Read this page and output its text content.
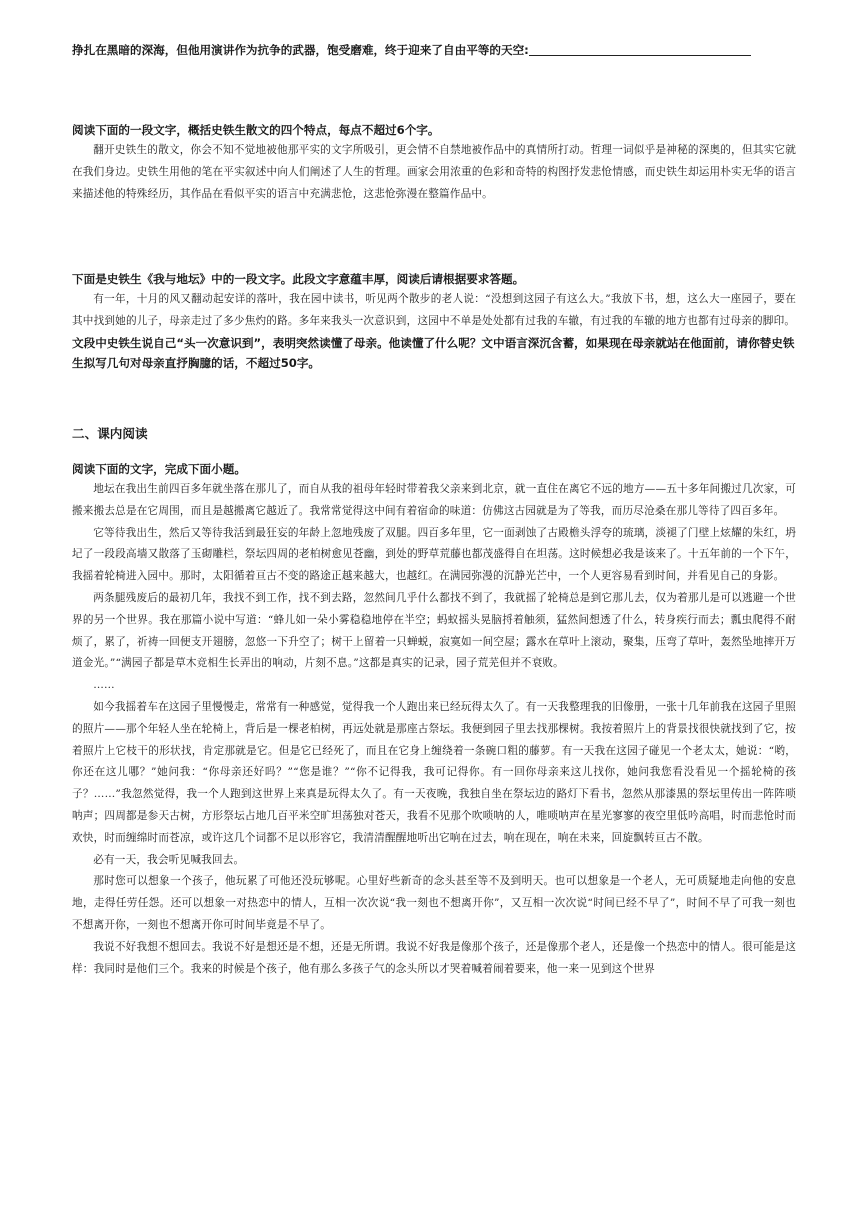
挣扎在黑暗的深海，但他用演讲作为抗争的武器，饱受磨难，终于迎来了自由平等的天空:

阅读下面的一段文字，概括史铁生散文的四个特点，每点不超过6个字。

翻开史铁生的散文，你会不知不觉地被他那平实的文字所吸引，更会情不自禁地被作品中的真情所打动。哲理一词似乎是神秘的深奥的，但其实它就在我们身边。史铁生用他的笔在平实叙述中向人们阐述了人生的哲理。画家会用浓重的色彩和奇特的构图抒发悲怆情感，而史铁生却运用朴实无华的语言来描述他的特殊经历，其作品在看似平实的语言中充满悲怆，这悲怆弥漫在整篇作品中。

下面是史铁生《我与地坛》中的一段文字。此段文字意蕴丰厚，阅读后请根据要求答题。

有一年，十月的风又翻动起安详的落叶，我在园中读书，听见两个散步的老人说：“没想到这园子有这么大。”我放下书，想，这么大一座园子，要在其中找到她的儿子，母亲走过了多少焦灼的路。多年来我头一次意识到，这园中不单是处处都有过我的车辙，有过我的车辙的地方也都有过母亲的脚印。

文段中史铁生说自己“头一次意识到”，表明突然读懂了母亲。他读懂了什么呢？文中语言深沉含蓄，如果现在母亲就站在他面前，请你替史铁生拟写几句对母亲直抒胸臆的话，不超过50字。

二、课内阅读

阅读下面的文字，完成下面小题。

地坛在我出生前四百多年就坐落在那儿了，而自从我的祖母年轻时带着我父亲来到北京，就一直住在离它不远的地方——五十多年间搬过几次家，可搬来搬去总是在它周围，而且是越搬离它越近了。我常常觉得这中间有着宿命的味道：仿佛这古园就是为了等我，而历尽沧桑在那儿等待了四百多年。

它等待我出生，然后又等待我活到最狂妄的年龄上忽地残废了双腿。四百多年里，它一面剥蚀了古殿檐头浮夸的琉璃，淡褪了门壁上炫耀的朱红，坍圮了一段段高墙又散落了玉砌雕栏，祭坛四周的老柏树愈见苍幽，到处的野草荒藤也都茂盛得自在坦荡。这时候想必我是该来了。十五年前的一个下午，我摇着轮椅进入园中。那时，太阳循着亘古不变的路途正越来越大，也越红。在满园弥漫的沉静光芒中，一个人更容易看到时间，并看见自己的身影。

两条腿残废后的最初几年，我找不到工作，找不到去路，忽然间几乎什么都找不到了，我就摇了轮椅总是到它那儿去，仅为着那儿是可以逃避一个世界的另一个世界。我在那篇小说中写道：“蜂儿如一朵小雾稳稳地停在半空；蚂蚁摇头晃脑捋着触须，猛然间想透了什么，转身疾行而去；瓢虫爬得不耐烦了，累了，祈祷一回便支开翅膀，忽悠一下升空了；树干上留着一只蝉蜕，寂寞如一间空屋；露水在草叶上滚动，聚集，压弯了草叶，轰然坠地摔开万道金光。”“满园子都是草木竞相生长弄出的响动，片刻不息。”这都是真实的记录，园子荒芜但并不衰败。

……

如今我摇着车在这园子里慢慢走，常常有一种感觉，觉得我一个人跑出来已经玩得太久了。有一天我整理我的旧像册，一张十几年前我在这园子里照的照片——那个年轻人坐在轮椅上，背后是一棵老柏树，再远处就是那座古祭坛。我便到园子里去找那棵树。我按着照片上的背景找很快就找到了它，按着照片上它枝干的形状找，肯定那就是它。但是它已经死了，而且在它身上缠绕着一条碗口粗的藤萝。有一天我在这园子碰见一个老太太，她说：“哟，你还在这儿哪？”她问我：“你母亲还好吗？”“您是谁？”“你不记得我，我可记得你。有一回你母亲来这儿找你，她问我您看没看见一个摇轮椅的孩子？……”我忽然觉得，我一个人跑到这世界上来真是玩得太久了。有一天夜晚，我独自坐在祭坛边的路灯下看书，忽然从那漆黑的祭坛里传出一阵阵唢呐声；四周都是参天古树，方形祭坛占地几百平米空旷坦荡独对苍天，我看不见那个吹唢呐的人，唯唢呐声在星光寥寥的夜空里低吟高唱，时而悲怆时而欢快，时而缠绵时而苍凉，或许这几个词都不足以形容它，我清清醒醒地听出它响在过去，响在现在，响在未来，回旋飘转亘古不散。

必有一天，我会听见喊我回去。

那时您可以想象一个孩子，他玩累了可他还没玩够呢。心里好些新奇的念头甚至等不及到明天。也可以想象是一个老人，无可质疑地走向他的安息地，走得任劳任怨。还可以想象一对热恋中的情人，互相一次次说“我一刻也不想离开你”，又互相一次次说“时间已经不早了”，时间不早了可我一刻也不想离开你，一刻也不想离开你可时间毕竟是不早了。

我说不好我想不想回去。我说不好是想还是不想，还是无所谓。我说不好我是像那个孩子，还是像那个老人，还是像一个热恋中的情人。很可能是这样：我同时是他们三个。我来的时候是个孩子，他有那么多孩子气的念头所以才哭着喊着闹着要来，他一来一见到这个世界
